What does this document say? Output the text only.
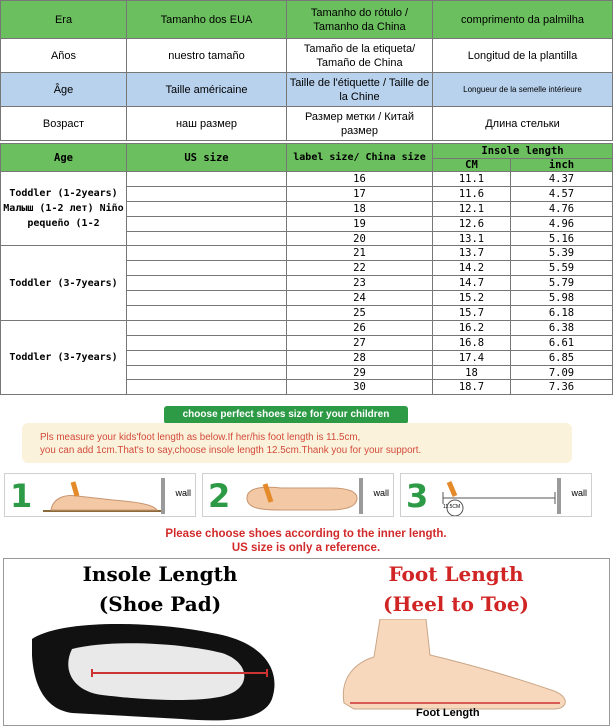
Era	Tamanho dos EUA	Tamanho do rótulo / Tamanho da China	comprimento da palmilha
Años	nuestro tamaño	Tamaño de la etiqueta/ Tamaño de China	Longitud de la plantilla
Âge	Taille américaine	Taille de l'étiquette / Taille de la Chine	Longueur de la semelle intérieure
Возраст	наш размер	Размер метки / Китай размер	Длина стельки
Age	US size	label size/ China size	Insole length	
			CM	inch
Toddler (1-2years) Малыш (1-2 лет) Niño pequeño (1-2		16	11.1	4.37
		17	11.6	4.57
		18	12.1	4.76
		19	12.6	4.96
		20	13.1	5.16
Toddler (3-7years)		21	13.7	5.39
		22	14.2	5.59
		23	14.7	5.79
		24	15.2	5.98
		25	15.7	6.18
Toddler (3-7years)		26	16.2	6.38
		27	16.8	6.61
		28	17.4	6.85
		29	18	7.09
		30	18.7	7.36
choose perfect shoes size for your children
Pls measure your kids'foot length as below.If her/his foot length is 11.5cm,
you can add 1cm.That's to say,choose insole length 12.5cm.Thank you for your support.
1	wall 2	wall 3	11.5CM
wall
Please choose shoes according to the inner length.
US size is only a reference.
Insole Length
(Shoe Pad)
Foot Length
(Heel to Toe)
Foot Length
